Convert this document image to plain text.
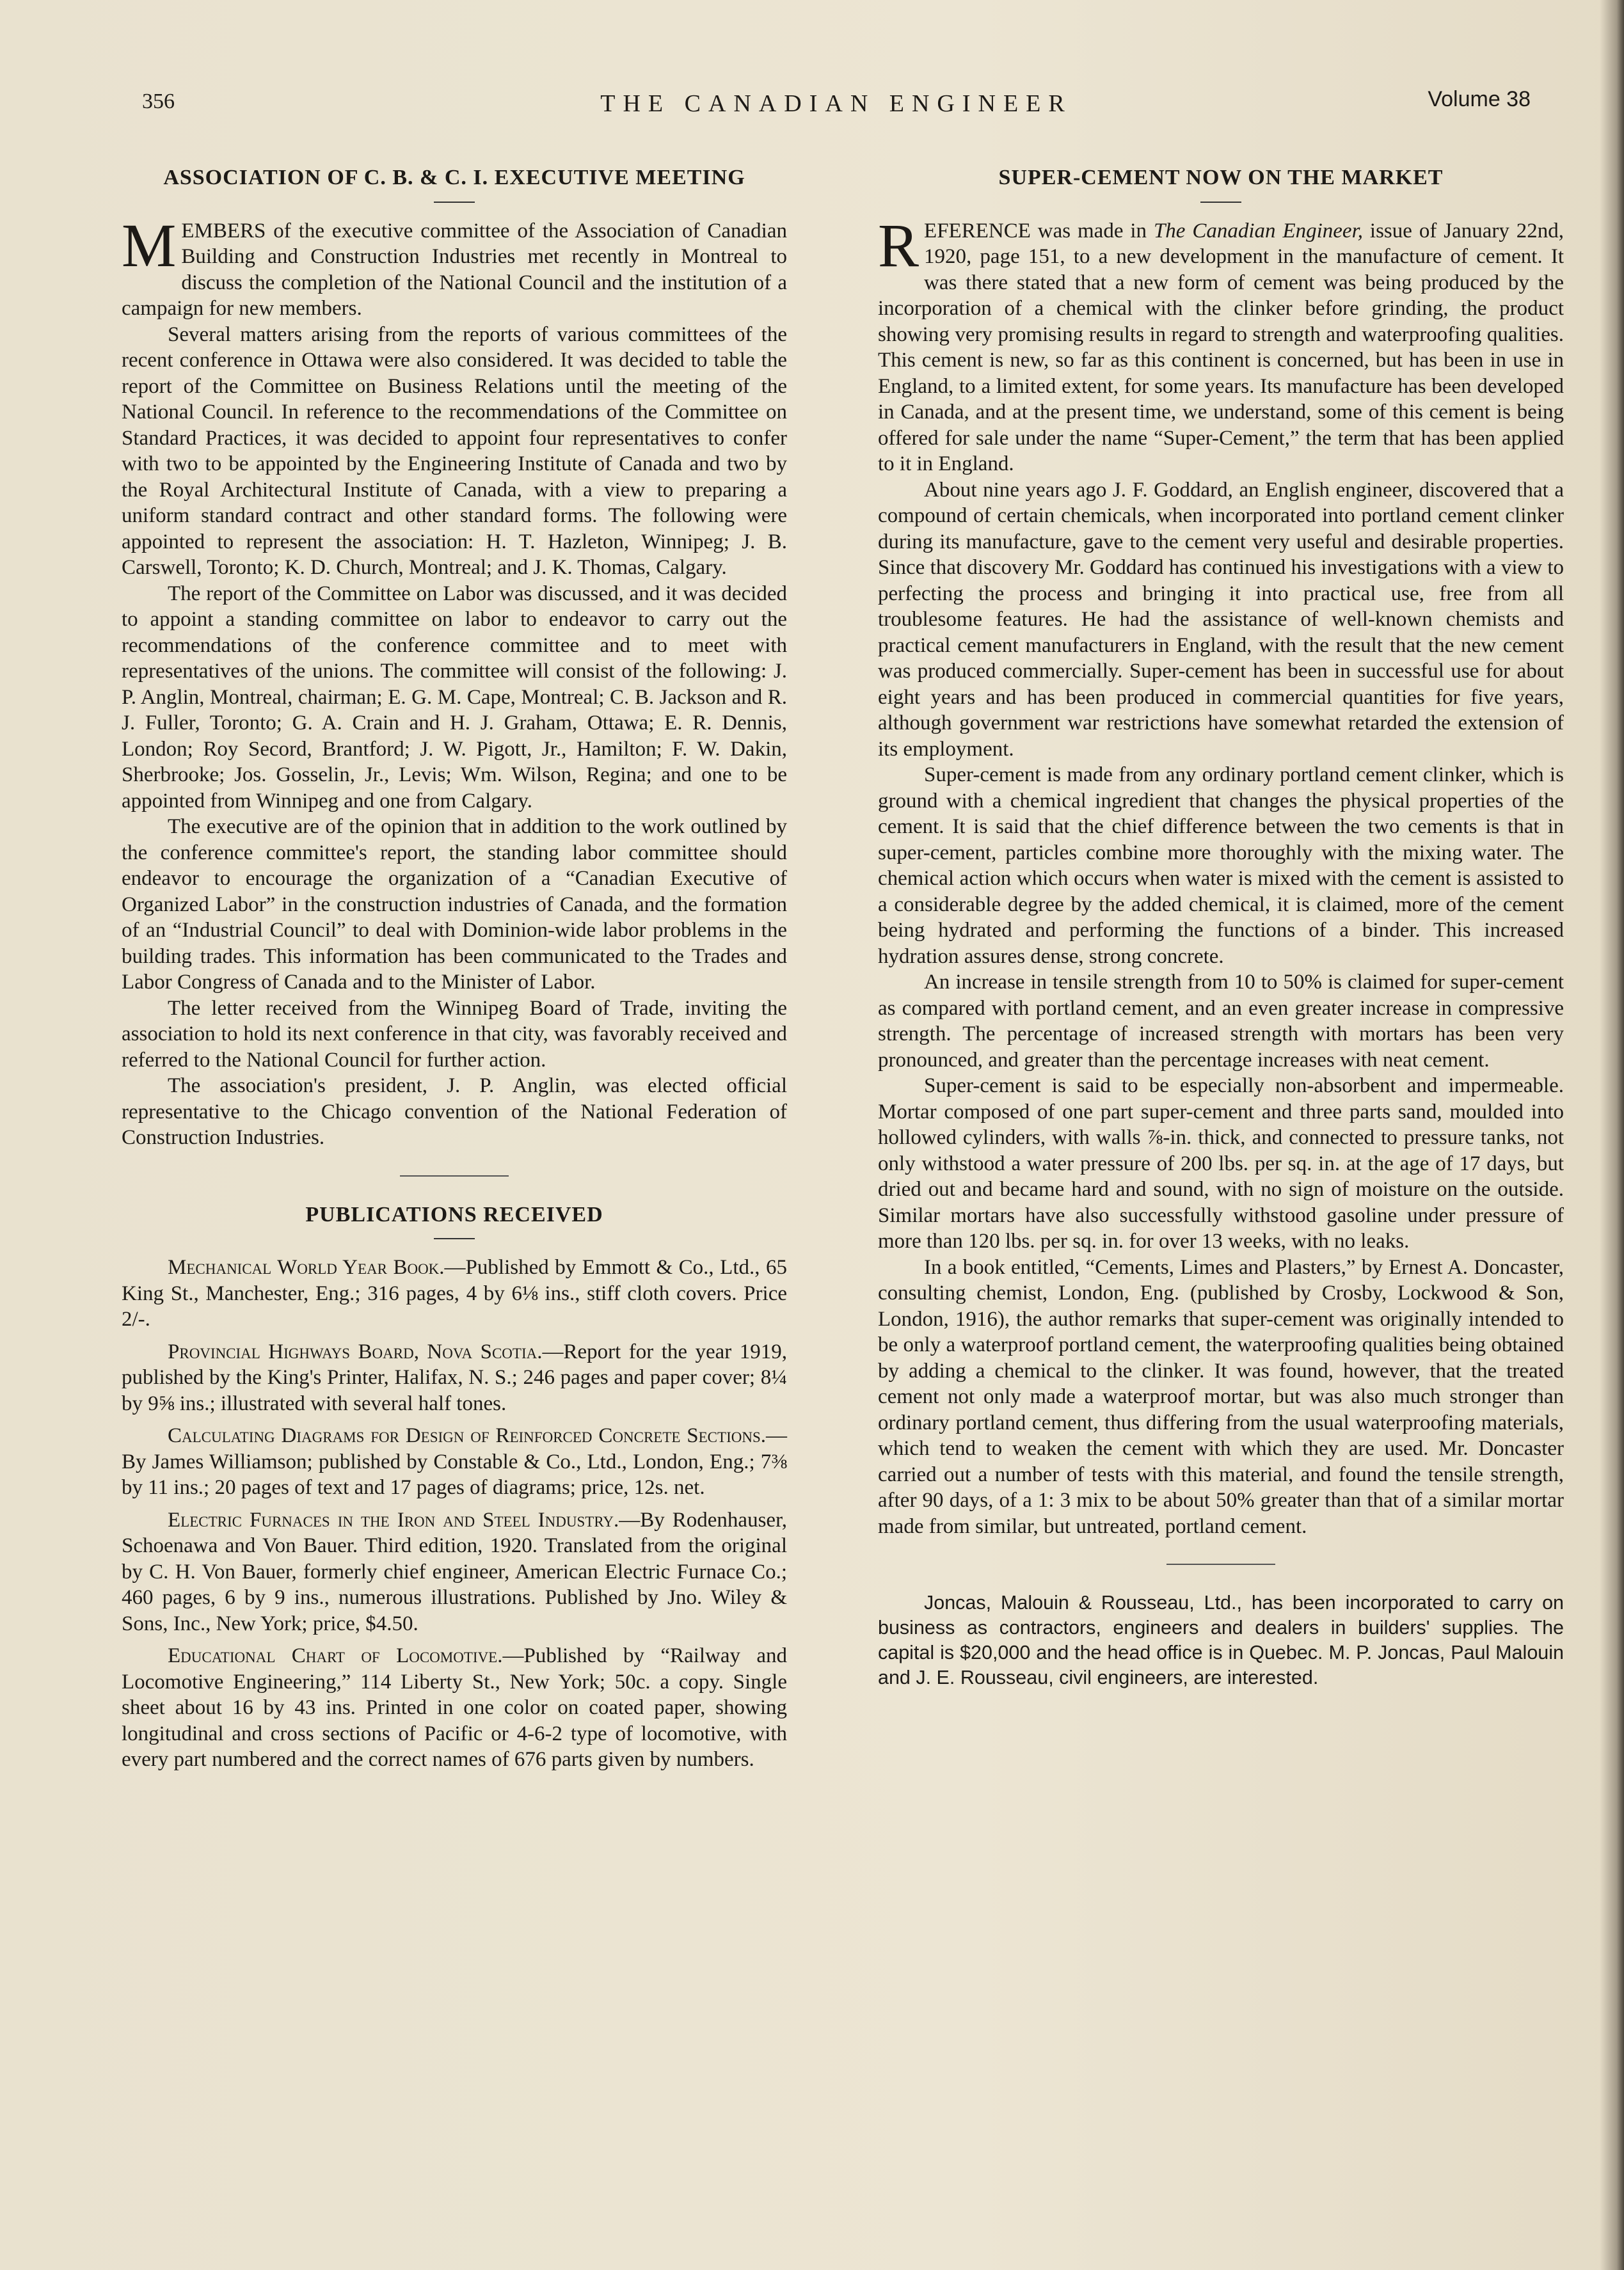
356	THE CANADIAN ENGINEER	Volume 38
ASSOCIATION OF C. B. & C. I. EXECUTIVE MEETING

MEMBERS of the executive committee of the Association of Canadian Building and Construction Industries met recently in Montreal to discuss the completion of the National Council and the institution of a campaign for new members.

Several matters arising from the reports of various committees of the recent conference in Ottawa were also considered. It was decided to table the report of the Committee on Business Relations until the meeting of the National Council. In reference to the recommendations of the Committee on Standard Practices, it was decided to appoint four representatives to confer with two to be appointed by the Engineering Institute of Canada and two by the Royal Architectural Institute of Canada, with a view to preparing a uniform standard contract and other standard forms. The following were appointed to represent the association: H. T. Hazleton, Winnipeg; J. B. Carswell, Toronto; K. D. Church, Montreal; and J. K. Thomas, Calgary.

The report of the Committee on Labor was discussed, and it was decided to appoint a standing committee on labor to endeavor to carry out the recommendations of the conference committee and to meet with representatives of the unions. The committee will consist of the following: J. P. Anglin, Montreal, chairman; E. G. M. Cape, Montreal; C. B. Jackson and R. J. Fuller, Toronto; G. A. Crain and H. J. Graham, Ottawa; E. R. Dennis, London; Roy Secord, Brantford; J. W. Pigott, Jr., Hamilton; F. W. Dakin, Sherbrooke; Jos. Gosselin, Jr., Levis; Wm. Wilson, Regina; and one to be appointed from Winnipeg and one from Calgary.

The executive are of the opinion that in addition to the work outlined by the conference committee's report, the standing labor committee should endeavor to encourage the organization of a “Canadian Executive of Organized Labor” in the construction industries of Canada, and the formation of an “Industrial Council” to deal with Dominion-wide labor problems in the building trades. This information has been communicated to the Trades and Labor Congress of Canada and to the Minister of Labor.

The letter received from the Winnipeg Board of Trade, inviting the association to hold its next conference in that city, was favorably received and referred to the National Council for further action.

The association's president, J. P. Anglin, was elected official representative to the Chicago convention of the National Federation of Construction Industries.

PUBLICATIONS RECEIVED

Mechanical World Year Book.—Published by Emmott & Co., Ltd., 65 King St., Manchester, Eng.; 316 pages, 4 by 6⅛ ins., stiff cloth covers. Price 2/-.

Provincial Highways Board, Nova Scotia.—Report for the year 1919, published by the King's Printer, Halifax, N. S.; 246 pages and paper cover; 8¼ by 9⅝ ins.; illustrated with several half tones.

Calculating Diagrams for Design of Reinforced Concrete Sections.—By James Williamson; published by Constable & Co., Ltd., London, Eng.; 7⅜ by 11 ins.; 20 pages of text and 17 pages of diagrams; price, 12s. net.

Electric Furnaces in the Iron and Steel Industry.—By Rodenhauser, Schoenawa and Von Bauer. Third edition, 1920. Translated from the original by C. H. Von Bauer, formerly chief engineer, American Electric Furnace Co.; 460 pages, 6 by 9 ins., numerous illustrations. Published by Jno. Wiley & Sons, Inc., New York; price, $4.50.

Educational Chart of Locomotive.—Published by “Railway and Locomotive Engineering,” 114 Liberty St., New York; 50c. a copy. Single sheet about 16 by 43 ins. Printed in one color on coated paper, showing longitudinal and cross sections of Pacific or 4-6-2 type of locomotive, with every part numbered and the correct names of 676 parts given by numbers.

SUPER-CEMENT NOW ON THE MARKET

REFERENCE was made in The Canadian Engineer, issue of January 22nd, 1920, page 151, to a new development in the manufacture of cement. It was there stated that a new form of cement was being produced by the incorporation of a chemical with the clinker before grinding, the product showing very promising results in regard to strength and waterproofing qualities. This cement is new, so far as this continent is concerned, but has been in use in England, to a limited extent, for some years. Its manufacture has been developed in Canada, and at the present time, we understand, some of this cement is being offered for sale under the name “Super-Cement,” the term that has been applied to it in England.

About nine years ago J. F. Goddard, an English engineer, discovered that a compound of certain chemicals, when incorporated into portland cement clinker during its manufacture, gave to the cement very useful and desirable properties. Since that discovery Mr. Goddard has continued his investigations with a view to perfecting the process and bringing it into practical use, free from all troublesome features. He had the assistance of well-known chemists and practical cement manufacturers in England, with the result that the new cement was produced commercially. Super-cement has been in successful use for about eight years and has been produced in commercial quantities for five years, although government war restrictions have somewhat retarded the extension of its employment.

Super-cement is made from any ordinary portland cement clinker, which is ground with a chemical ingredient that changes the physical properties of the cement. It is said that the chief difference between the two cements is that in super-cement, particles combine more thoroughly with the mixing water. The chemical action which occurs when water is mixed with the cement is assisted to a considerable degree by the added chemical, it is claimed, more of the cement being hydrated and performing the functions of a binder. This increased hydration assures dense, strong concrete.

An increase in tensile strength from 10 to 50% is claimed for super-cement as compared with portland cement, and an even greater increase in compressive strength. The percentage of increased strength with mortars has been very pronounced, and greater than the percentage increases with neat cement.

Super-cement is said to be especially non-absorbent and impermeable. Mortar composed of one part super-cement and three parts sand, moulded into hollowed cylinders, with walls ⅞-in. thick, and connected to pressure tanks, not only withstood a water pressure of 200 lbs. per sq. in. at the age of 17 days, but dried out and became hard and sound, with no sign of moisture on the outside. Similar mortars have also successfully withstood gasoline under pressure of more than 120 lbs. per sq. in. for over 13 weeks, with no leaks.

In a book entitled, “Cements, Limes and Plasters,” by Ernest A. Doncaster, consulting chemist, London, Eng. (published by Crosby, Lockwood & Son, London, 1916), the author remarks that super-cement was originally intended to be only a waterproof portland cement, the waterproofing qualities being obtained by adding a chemical to the clinker. It was found, however, that the treated cement not only made a waterproof mortar, but was also much stronger than ordinary portland cement, thus differing from the usual waterproofing materials, which tend to weaken the cement with which they are used. Mr. Doncaster carried out a number of tests with this material, and found the tensile strength, after 90 days, of a 1: 3 mix to be about 50% greater than that of a similar mortar made from similar, but untreated, portland cement.

Joncas, Malouin & Rousseau, Ltd., has been incorporated to carry on business as contractors, engineers and dealers in builders' supplies. The capital is $20,000 and the head office is in Quebec. M. P. Joncas, Paul Malouin and J. E. Rousseau, civil engineers, are interested.
